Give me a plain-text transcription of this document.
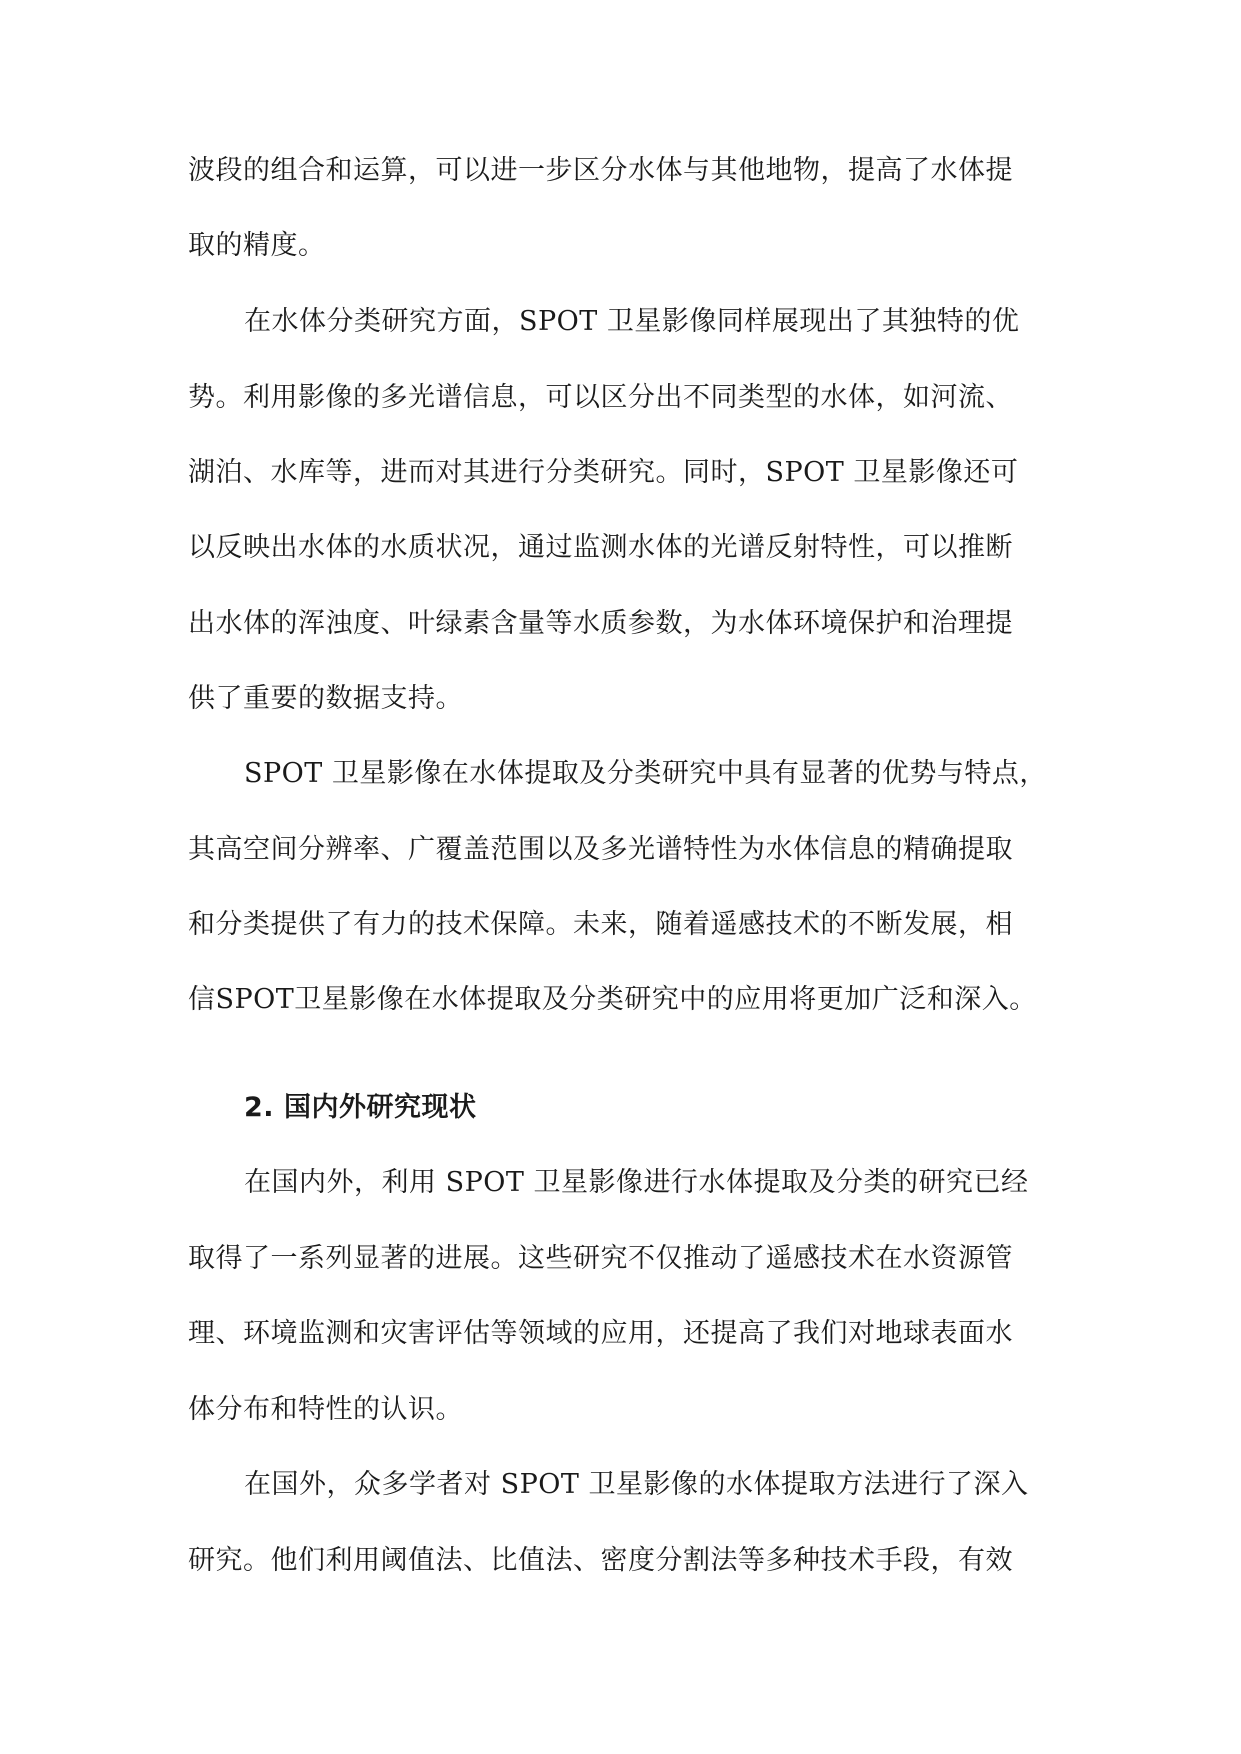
波段的组合和运算，可以进一步区分水体与其他地物，提高了水体提
取的精度。
在水体分类研究方面，SPOT 卫星影像同样展现出了其独特的优
势。利用影像的多光谱信息，可以区分出不同类型的水体，如河流、
湖泊、水库等，进而对其进行分类研究。同时，SPOT 卫星影像还可
以反映出水体的水质状况，通过监测水体的光谱反射特性，可以推断
出水体的浑浊度、叶绿素含量等水质参数，为水体环境保护和治理提
供了重要的数据支持。
SPOT 卫星影像在水体提取及分类研究中具有显著的优势与特点，
其高空间分辨率、广覆盖范围以及多光谱特性为水体信息的精确提取
和分类提供了有力的技术保障。未来，随着遥感技术的不断发展，相
信SPOT卫星影像在水体提取及分类研究中的应用将更加广泛和深入。
2. 国内外研究现状
在国内外，利用 SPOT 卫星影像进行水体提取及分类的研究已经
取得了一系列显著的进展。这些研究不仅推动了遥感技术在水资源管
理、环境监测和灾害评估等领域的应用，还提高了我们对地球表面水
体分布和特性的认识。
在国外，众多学者对 SPOT 卫星影像的水体提取方法进行了深入
研究。他们利用阈值法、比值法、密度分割法等多种技术手段，有效
